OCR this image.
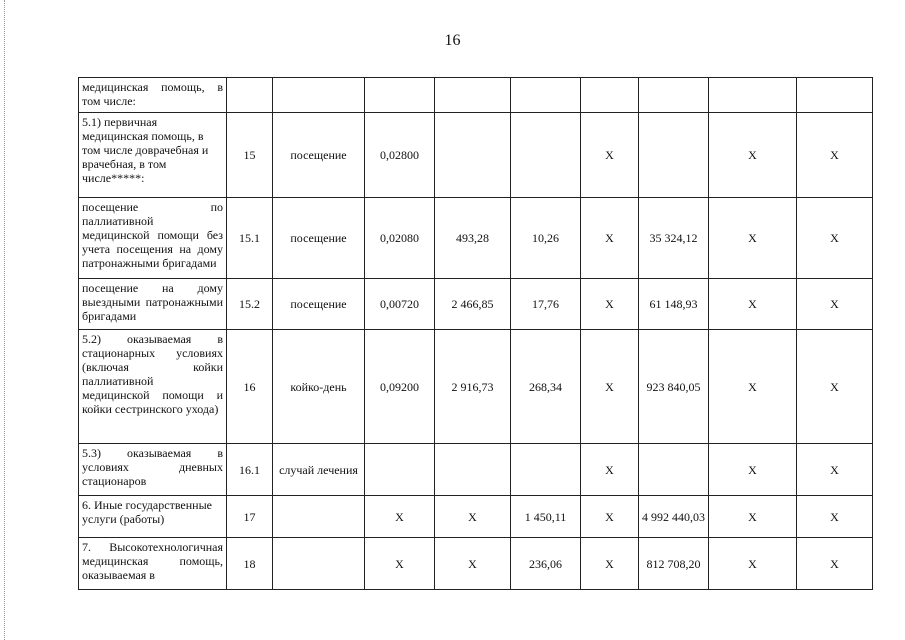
16
медицинская помощь, в том числе:									
5.1) первичная медицинская помощь, в том числе доврачебная и врачебная, в том числе*****:	15	посещение	0,02800			Х		Х	Х
посещение по паллиативной медицинской помощи без учета посещения на дому патронажными бригадами	15.1	посещение	0,02080	493,28	10,26	Х	35 324,12	Х	Х
посещение на дому выездными патронажными бригадами	15.2	посещение	0,00720	2 466,85	17,76	Х	61 148,93	Х	Х
5.2) оказываемая в стационарных условиях (включая койки паллиативной медицинской помощи и койки сестринского ухода)	16	койко-день	0,09200	2 916,73	268,34	Х	923 840,05	Х	Х
5.3) оказываемая в условиях дневных стационаров	16.1	случай лечения				Х		Х	Х
6. Иные государственные услуги (работы)	17		Х	Х	1 450,11	Х	4 992 440,03	Х	Х
7. Высокотехнологичная медицинская помощь, оказываемая в	18		Х	Х	236,06	Х	812 708,20	Х	Х
